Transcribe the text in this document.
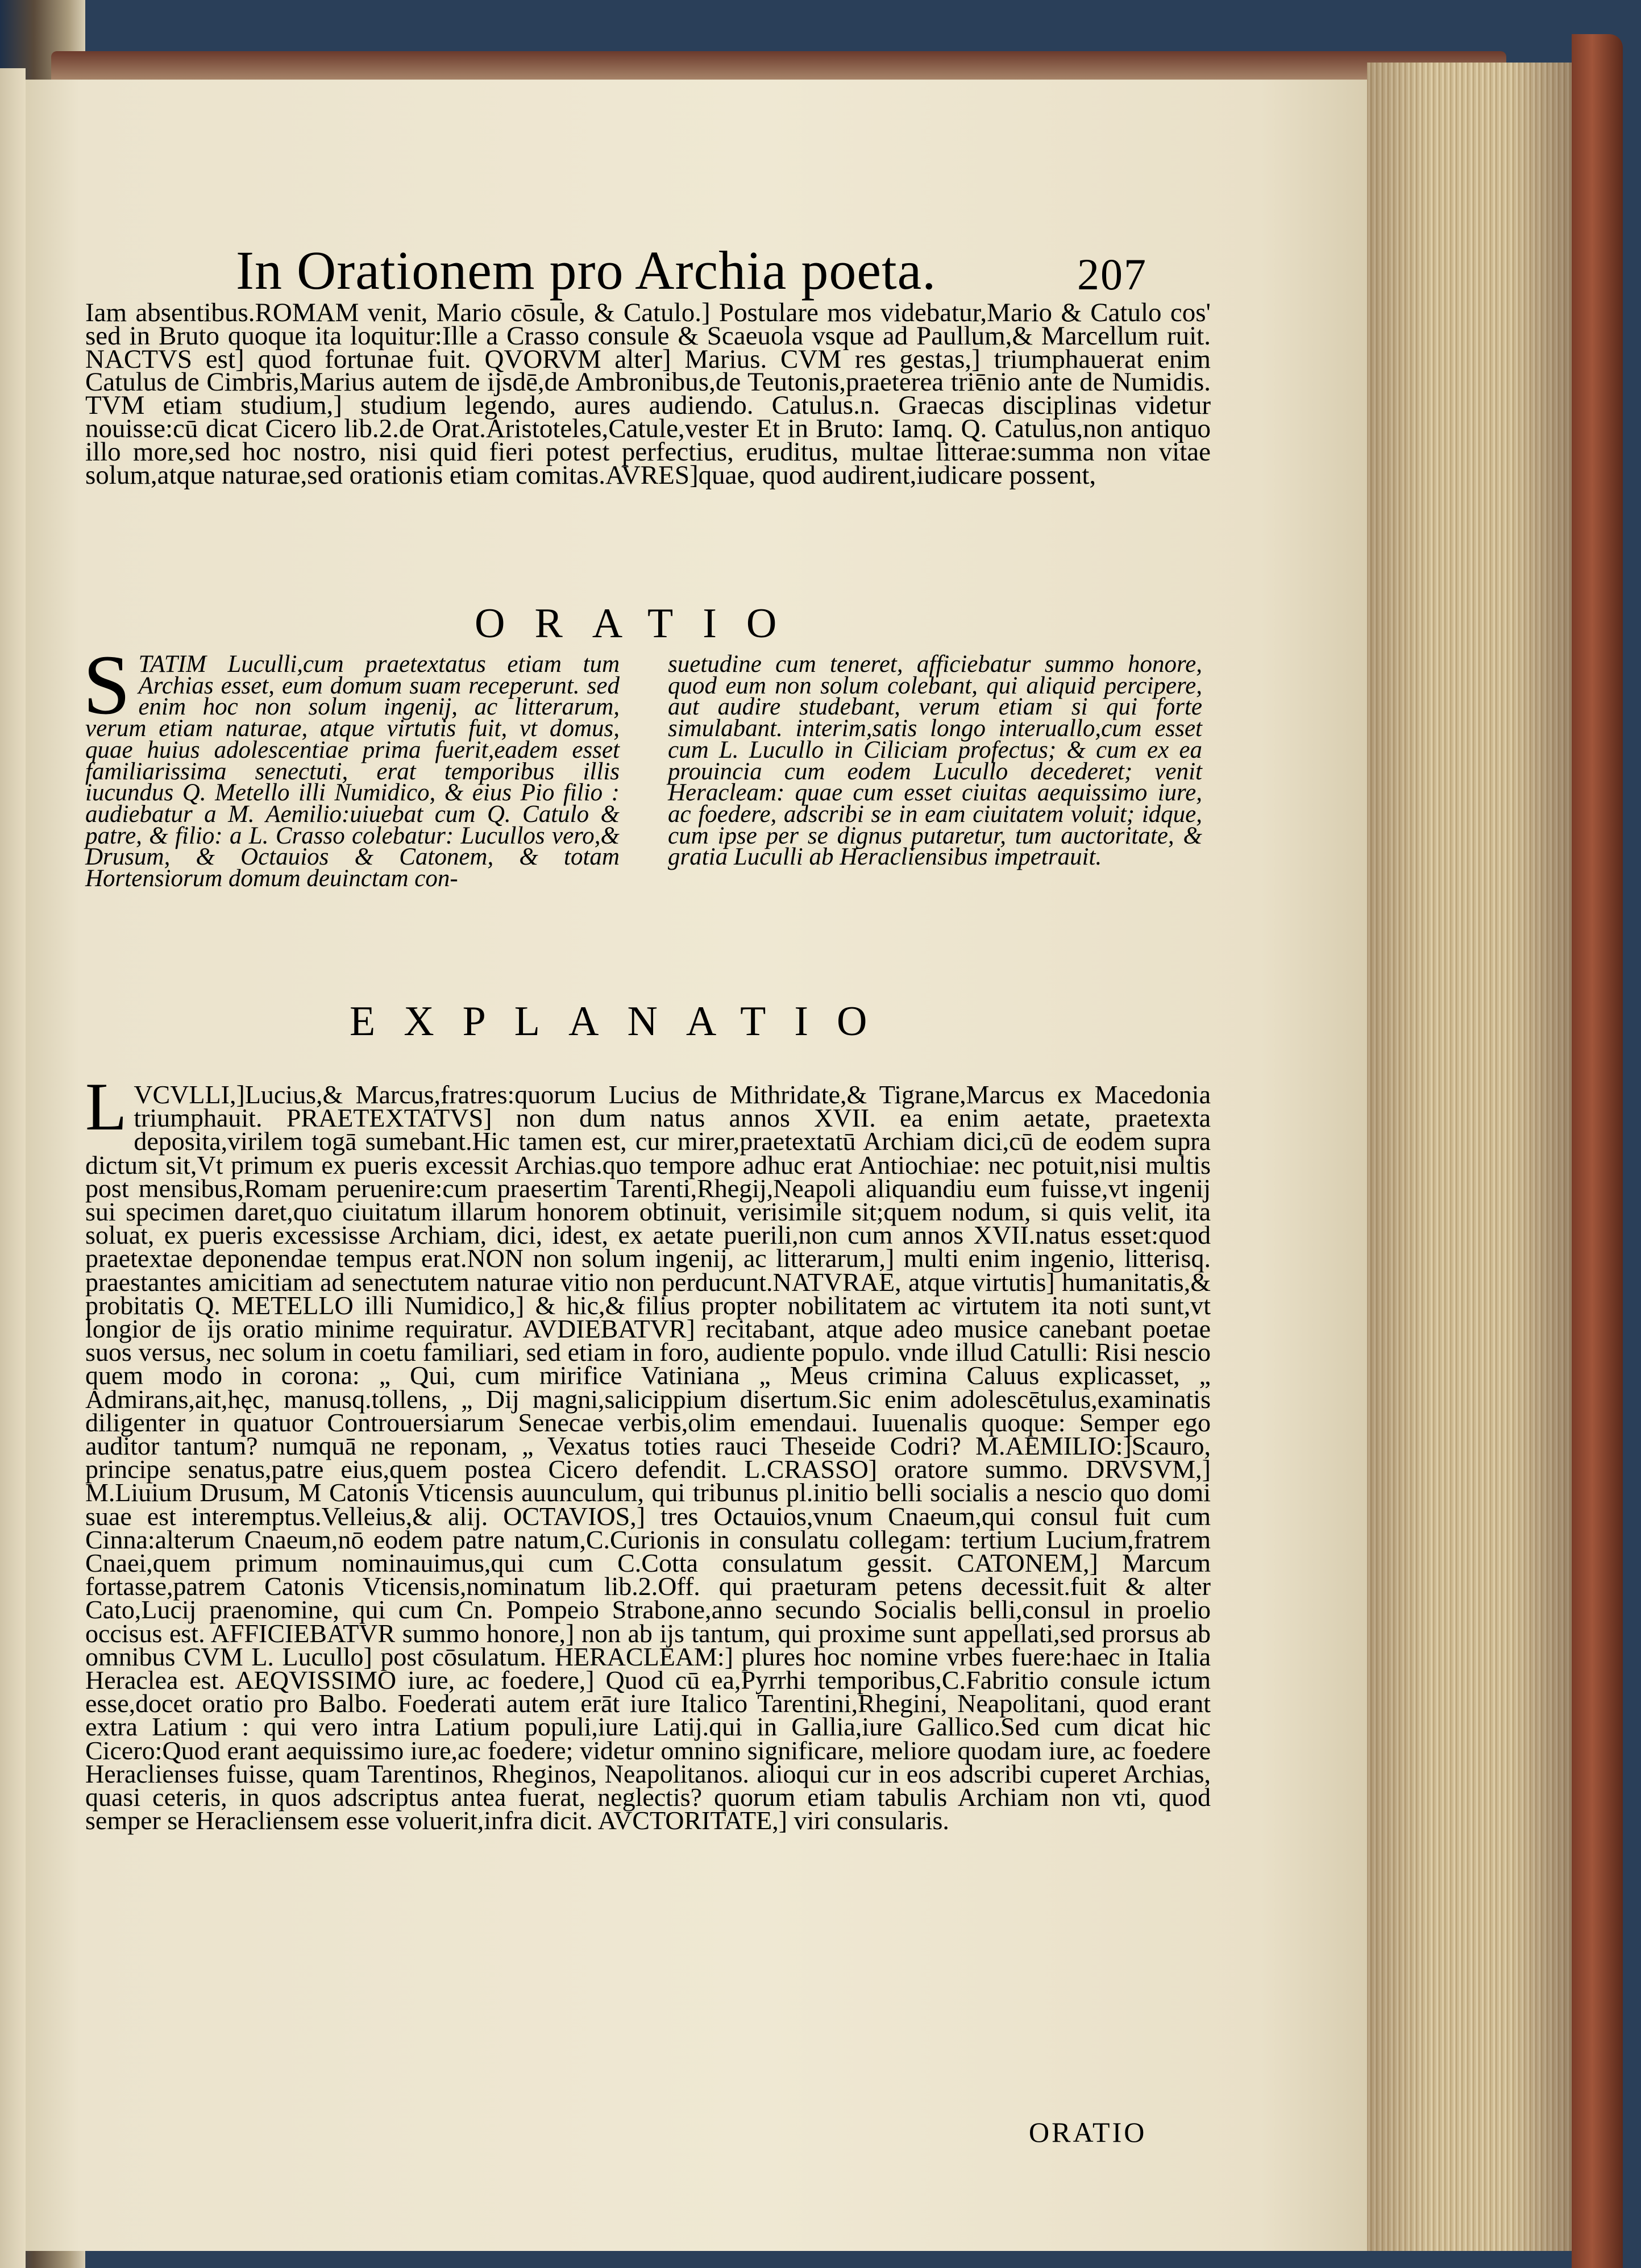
In Orationem pro Archia poeta.	207

Iam absentibus.ROMAM venit, Mario cōsule, & Catulo.] Postulare mos videbatur,Mario & Catulo cos' sed in Bruto quoque ita loquitur:Ille a Crasso consule & Scaeuola vsque ad Paullum,& Marcellum ruit. NACTVS est] quod fortunae fuit. QVORVM alter] Marius. CVM res gestas,] triumphauerat enim Catulus de Cimbris,Marius autem de ijsdē,de Ambronibus,de Teutonis,praeterea triēnio ante de Numidis. TVM etiam studium,] studium legendo, aures audiendo. Catulus.n. Graecas disciplinas videtur nouisse:cū dicat Cicero lib.2.de Orat.Aristoteles,Catule,vester Et in Bruto: Iamq. Q. Catulus,non antiquo illo more,sed hoc nostro, nisi quid fieri potest perfectius, eruditus, multae litterae:summa non vitae solum,atque naturae,sed orationis etiam comitas.AVRES]quae, quod audirent,iudicare possent,

ORATIO
STATIM Luculli,cum praetextatus etiam tum Archias esset, eum domum suam receperunt. sed enim hoc non solum ingenij, ac litterarum, verum etiam naturae, atque virtutis fuit, vt domus, quae huius adolescentiae prima fuerit,eadem esset familiarissima senectuti, erat temporibus illis iucundus Q. Metello illi Numidico, & eius Pio filio : audiebatur a M. Aemilio:uiuebat cum Q. Catulo & patre, & filio: a L. Crasso colebatur: Lucullos vero,& Drusum, & Octauios & Catonem, & totam Hortensiorum domum deuinctam con-
suetudine cum teneret, afficiebatur summo honore, quod eum non solum colebant, qui aliquid percipere, aut audire studebant, verum etiam si qui forte simulabant. interim,satis longo interuallo,cum esset cum L. Lucullo in Ciliciam profectus; & cum ex ea prouincia cum eodem Lucullo decederet; venit Heracleam: quae cum esset ciuitas aequissimo iure, ac foedere, adscribi se in eam ciuitatem voluit; idque, cum ipse per se dignus putaretur, tum auctoritate, & gratia Luculli ab Heracliensibus impetrauit.
EXPLANATIO

LVCVLLI,]Lucius,& Marcus,fratres:quorum Lucius de Mithridate,& Tigrane,Marcus ex Macedonia triumphauit. PRAETEXTATVS] non dum natus annos XVII. ea enim aetate, praetexta deposita,virilem togā sumebant.Hic tamen est, cur mirer,praetextatū Archiam dici,cū de eodem supra dictum sit,Vt primum ex pueris excessit Archias.quo tempore adhuc erat Antiochiae: nec potuit,nisi multis post mensibus,Romam peruenire:cum praesertim Tarenti,Rhegij,Neapoli aliquandiu eum fuisse,vt ingenij sui specimen daret,quo ciuitatum illarum honorem obtinuit, verisimile sit;quem nodum, si quis velit, ita soluat, ex pueris excessisse Archiam, dici, idest, ex aetate puerili,non cum annos XVII.natus esset:quod praetextae deponendae tempus erat.NON non solum ingenij, ac litterarum,] multi enim ingenio, litterisq. praestantes amicitiam ad senectutem naturae vitio non perducunt.NATVRAE, atque virtutis] humanitatis,& probitatis Q. METELLO illi Numidico,] & hic,& filius propter nobilitatem ac virtutem ita noti sunt,vt longior de ijs oratio minime requiratur. AVDIEBATVR] recitabant, atque adeo musice canebant poetae suos versus, nec solum in coetu familiari, sed etiam in foro, audiente populo. vnde illud Catulli: Risi nescio quem modo in corona: „ Qui, cum mirifice Vatiniana „ Meus crimina Caluus explicasset, „ Admirans,ait,hęc, manusq.tollens, „ Dij magni,salicippium disertum.Sic enim adolescētulus,examinatis diligenter in quatuor Controuersiarum Senecae verbis,olim emendaui. Iuuenalis quoque: Semper ego auditor tantum? numquā ne reponam, „ Vexatus toties rauci Theseide Codri? M.AEMILIO:]Scauro, principe senatus,patre eius,quem postea Cicero defendit. L.CRASSO] oratore summo. DRVSVM,] M.Liuium Drusum, M Catonis Vticensis auunculum, qui tribunus pl.initio belli socialis a nescio quo domi suae est interemptus.Velleius,& alij. OCTAVIOS,] tres Octauios,vnum Cnaeum,qui consul fuit cum Cinna:alterum Cnaeum,nō eodem patre natum,C.Curionis in consulatu collegam: tertium Lucium,fratrem Cnaei,quem primum nominauimus,qui cum C.Cotta consulatum gessit. CATONEM,] Marcum fortasse,patrem Catonis Vticensis,nominatum lib.2.Off. qui praeturam petens decessit.fuit & alter Cato,Lucij praenomine, qui cum Cn. Pompeio Strabone,anno secundo Socialis belli,consul in proelio occisus est. AFFICIEBATVR summo honore,] non ab ijs tantum, qui proxime sunt appellati,sed prorsus ab omnibus CVM L. Lucullo] post cōsulatum. HERACLEAM:] plures hoc nomine vrbes fuere:haec in Italia Heraclea est. AEQVISSIMO iure, ac foedere,] Quod cū ea,Pyrrhi temporibus,C.Fabritio consule ictum esse,docet oratio pro Balbo. Foederati autem erāt iure Italico Tarentini,Rhegini, Neapolitani, quod erant extra Latium : qui vero intra Latium populi,iure Latij.qui in Gallia,iure Gallico.Sed cum dicat hic Cicero:Quod erant aequissimo iure,ac foedere; videtur omnino significare, meliore quodam iure, ac foedere Heraclienses fuisse, quam Tarentinos, Rheginos, Neapolitanos. alioqui cur in eos adscribi cuperet Archias, quasi ceteris, in quos adscriptus antea fuerat, neglectis? quorum etiam tabulis Archiam non vti, quod semper se Heracliensem esse voluerit,infra dicit. AVCTORITATE,] viri consularis.

ORATIO
